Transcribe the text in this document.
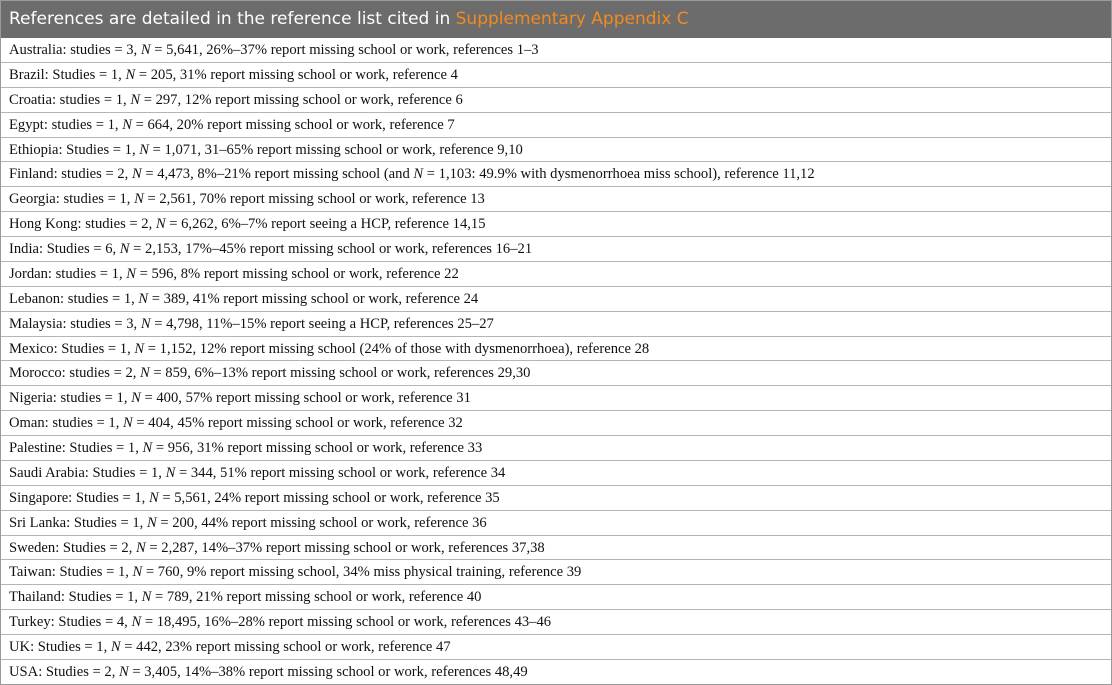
References are detailed in the reference list cited in Supplementary Appendix C
Australia: studies = 3, N = 5,641, 26%–37% report missing school or work, references 1–3
Brazil: Studies = 1, N = 205, 31% report missing school or work, reference 4
Croatia: studies = 1, N = 297, 12% report missing school or work, reference 6
Egypt: studies = 1, N = 664, 20% report missing school or work, reference 7
Ethiopia: Studies = 1, N = 1,071, 31–65% report missing school or work, reference 9,10
Finland: studies = 2, N = 4,473, 8%–21% report missing school (and N = 1,103: 49.9% with dysmenorrhoea miss school), reference 11,12
Georgia: studies = 1, N = 2,561, 70% report missing school or work, reference 13
Hong Kong: studies = 2, N = 6,262, 6%–7% report seeing a HCP, reference 14,15
India: Studies = 6, N = 2,153, 17%–45% report missing school or work, references 16–21
Jordan: studies = 1, N = 596, 8% report missing school or work, reference 22
Lebanon: studies = 1, N = 389, 41% report missing school or work, reference 24
Malaysia: studies = 3, N = 4,798, 11%–15% report seeing a HCP, references 25–27
Mexico: Studies = 1, N = 1,152, 12% report missing school (24% of those with dysmenorrhoea), reference 28
Morocco: studies = 2, N = 859, 6%–13% report missing school or work, references 29,30
Nigeria: studies = 1, N = 400, 57% report missing school or work, reference 31
Oman: studies = 1, N = 404, 45% report missing school or work, reference 32
Palestine: Studies = 1, N = 956, 31% report missing school or work, reference 33
Saudi Arabia: Studies = 1, N = 344, 51% report missing school or work, reference 34
Singapore: Studies = 1, N = 5,561, 24% report missing school or work, reference 35
Sri Lanka: Studies = 1, N = 200, 44% report missing school or work, reference 36
Sweden: Studies = 2, N = 2,287, 14%–37% report missing school or work, references 37,38
Taiwan: Studies = 1, N = 760, 9% report missing school, 34% miss physical training, reference 39
Thailand: Studies = 1, N = 789, 21% report missing school or work, reference 40
Turkey: Studies = 4, N = 18,495, 16%–28% report missing school or work, references 43–46
UK: Studies = 1, N = 442, 23% report missing school or work, reference 47
USA: Studies = 2, N = 3,405, 14%–38% report missing school or work, references 48,49
